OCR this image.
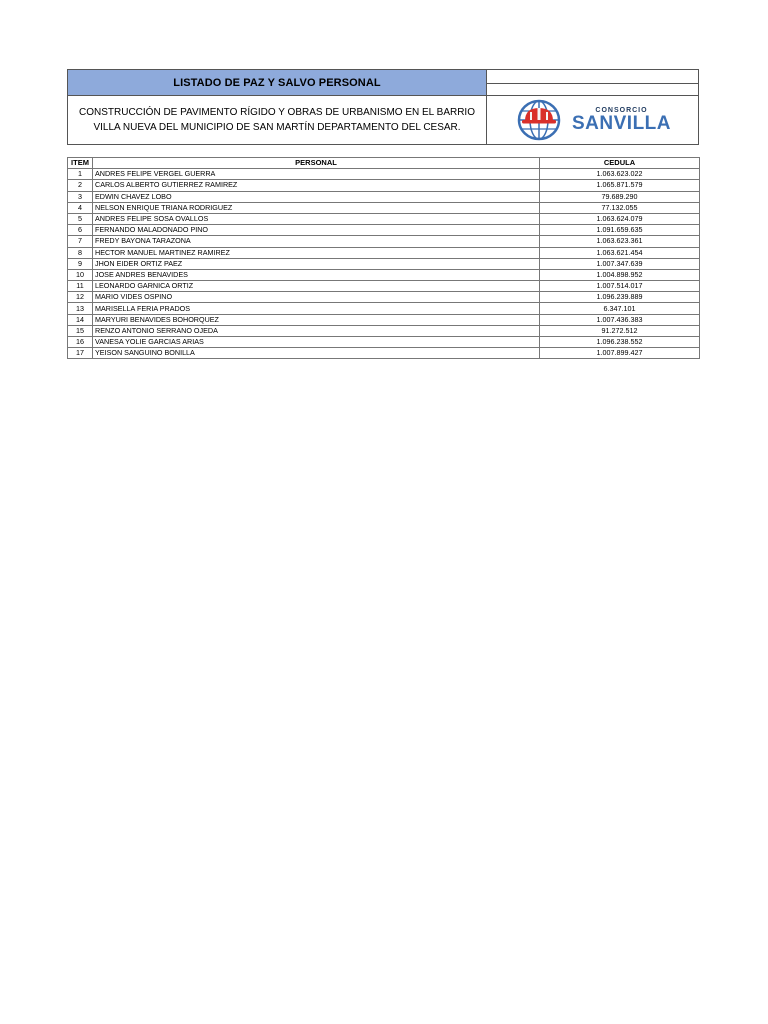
LISTADO DE PAZ Y SALVO PERSONAL
CONSTRUCCIÓN DE PAVIMENTO RÍGIDO Y OBRAS DE URBANISMO EN EL BARRIO VILLA NUEVA DEL MUNICIPIO DE SAN MARTÍN DEPARTAMENTO DEL CESAR.
CONSORCIO
SANVILLA
ITEM	PERSONAL	CEDULA
1	ANDRES FELIPE VERGEL GUERRA	1.063.623.022
2	CARLOS ALBERTO GUTIERREZ RAMIREZ	1.065.871.579
3	EDWIN CHAVEZ LOBO	79.689.290
4	NELSON ENRIQUE TRIANA RODRIGUEZ	77.132.055
5	ANDRES FELIPE SOSA OVALLOS	1.063.624.079
6	FERNANDO MALADONADO PINO	1.091.659.635
7	FREDY BAYONA TARAZONA	1.063.623.361
8	HECTOR MANUEL MARTINEZ RAMIREZ	1.063.621.454
9	JHON EIDER ORTIZ PAEZ	1.007.347.639
10	JOSE ANDRES BENAVIDES	1.004.898.952
11	LEONARDO GARNICA ORTIZ	1.007.514.017
12	MARIO VIDES OSPINO	1.096.239.889
13	MARISELLA FERIA PRADOS	6.347.101
14	MARYURI BENAVIDES BOHORQUEZ	1.007.436.383
15	RENZO ANTONIO SERRANO OJEDA	91.272.512
16	VANESA YOLIE GARCIAS ARIAS	1.096.238.552
17	YEISON SANGUINO BONILLA	1.007.899.427
